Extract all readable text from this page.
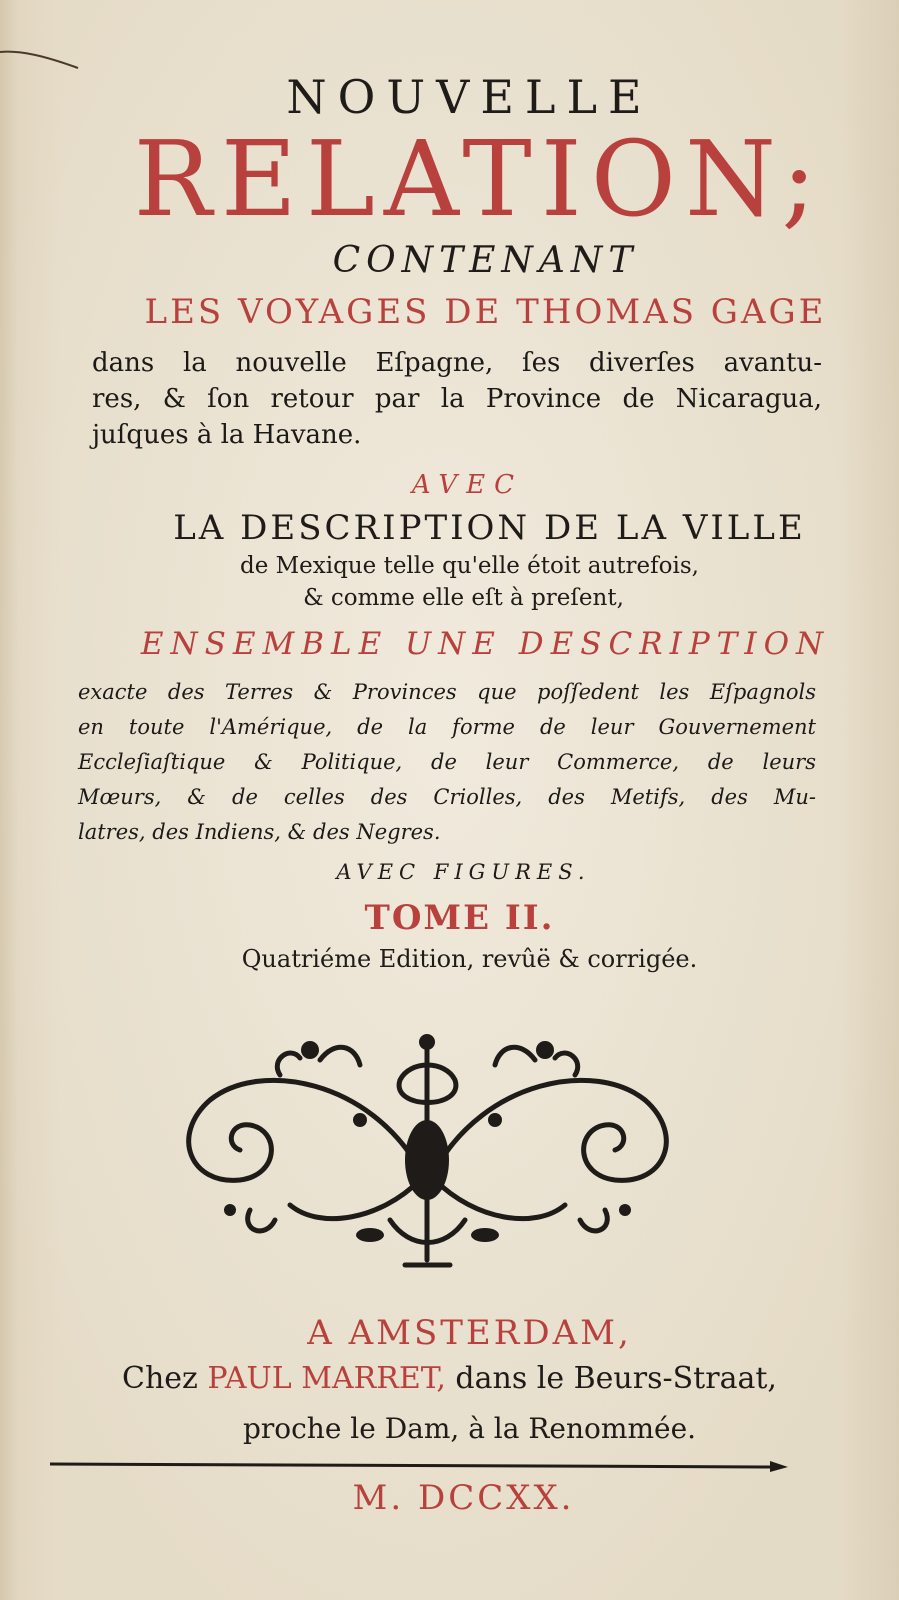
NOUVELLE
RELATION;
CONTENANT
LES VOYAGES DE THOMAS GAGE
dans la nouvelle Eſpagne, ſes diverſes avantu-
res, & ſon retour par la Province de Nicaragua,
juſques à la Havane.
AVEC
LA DESCRIPTION DE LA VILLE
de Mexique telle qu'elle étoit autrefois,
& comme elle eſt à preſent,
ENSEMBLE UNE DESCRIPTION
exacte des Terres & Provinces que poſſedent les Eſpagnols
en toute l'Amérique, de la forme de leur Gouvernement
Eccleſiaſtique & Politique, de leur Commerce, de leurs
Mœurs, & de celles des Criolles, des Metifs, des Mu-
latres, des Indiens, & des Negres.
AVEC FIGURES.
TOME II.
Quatriéme Edition, revûë & corrigée.
A AMSTERDAM,
Chez PAUL MARRET, dans le Beurs-Straat,
proche le Dam, à la Renommée.
M. DCCXX.
